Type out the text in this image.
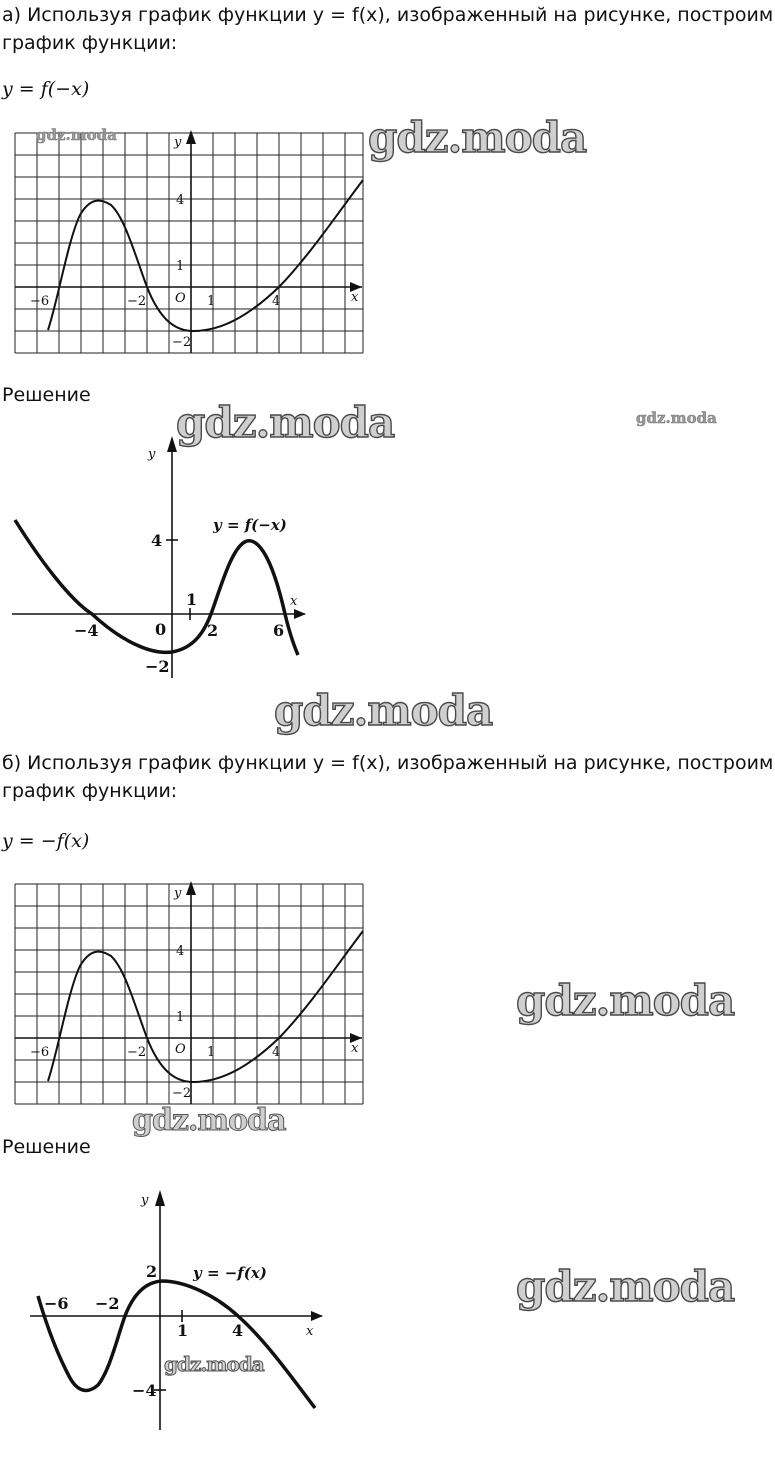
а) Используя график функции y = f(x), изображенный на рисунке, построим
график функции:
y = f(−x)
y
x
O
−6	−2	1	4
1
4
−2
Решение
y
x
y = f(−x)
−4	0
1
2	6
4
−2
б) Используя график функции y = f(x), изображенный на рисунке, построим
график функции:
y = −f(x)
y
x
O
−6	−2	1	4
1
4
−2
Решение
y
x
y = −f(x)
−6 −2
1	4
2
−4
gdz.moda	gdz.moda
gdz.moda	gdz.moda
gdz.moda
gdz.moda
gdz.moda
gdz.moda
gdz.moda
